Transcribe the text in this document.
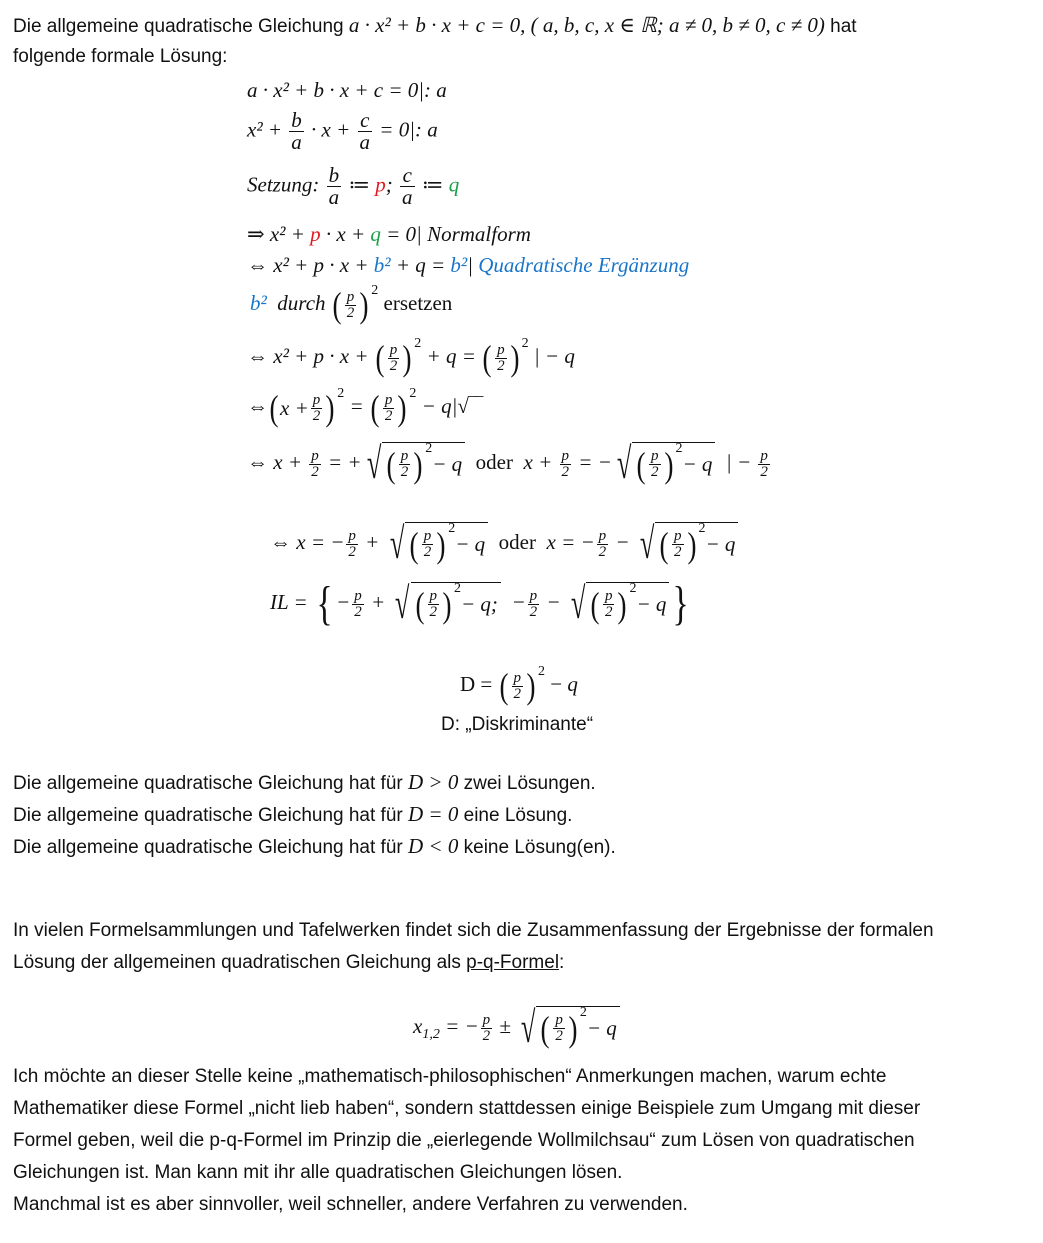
Die allgemeine quadratische Gleichung a · x² + b · x + c = 0, ( a, b, c, x ∈ ℝ; a ≠ 0, b ≠ 0, c ≠ 0) hat
folgende formale Lösung:
a · x² + b · x + c = 0|: a
$x^2 + \frac{b}{a} \cdot x + \frac{c}{a} = 0|$: a
Setzung: $\frac{b}{a}$ ≔ p; $\frac{c}{a}$ ≔ q
⇒ x² + p · x + q = 0| Normalform
⇔ x² + p · x + b² + q = b²| Quadratische Ergänzung
b² durch ( $\frac{p}{2}$ ) $^2$ ersetzen
⇔ x² + p · x + ( $\frac{p}{2}$ ) $^2$ + q = ( $\frac{p}{2}$ ) $^2$ | − q
⇔ ( $x + \frac{p}{2}$ ) $^2$ = ( $\frac{p}{2}$ ) $^2$ − q|√‾‾
⇔ $x + \frac{p}{2}$ = + √ ( $\frac{p}{2}$ ) 2
− q oder  $x + \frac{p}{2}$ = − √ ( $\frac{p}{2}$ ) 2
− q | − $\frac{p}{2}$
⇔ x = − $\frac{p}{2}$ + √ ( $\frac{p}{2}$ ) 2
− q oder  x = − $\frac{p}{2}$ − √ ( $\frac{p}{2}$ ) 2
− q
IL = { − $\frac{p}{2}$ + √ ( $\frac{p}{2}$ ) 2
− q; − $\frac{p}{2}$ − √ ( $\frac{p}{2}$ ) 2
− q }
D = ( $\frac{p}{2}$ ) $^2$ − q
D: „Diskriminante“
Die allgemeine quadratische Gleichung hat für D > 0 zwei Lösungen.
Die allgemeine quadratische Gleichung hat für D = 0 eine Lösung.
Die allgemeine quadratische Gleichung hat für D < 0 keine Lösung(en).
In vielen Formelsammlungen und Tafelwerken findet sich die Zusammenfassung der Ergebnisse der formalen
Lösung der allgemeinen quadratischen Gleichung als p-q-Formel:
$x_{1,2}$ = − $\frac{p}{2}$ ± √ ( $\frac{p}{2}$ ) 2
− q
Ich möchte an dieser Stelle keine „mathematisch-philosophischen“ Anmerkungen machen, warum echte
Mathematiker diese Formel „nicht lieb haben“, sondern stattdessen einige Beispiele zum Umgang mit dieser
Formel geben, weil die p-q-Formel im Prinzip die „eierlegende Wollmilchsau“ zum Lösen von quadratischen
Gleichungen ist. Man kann mit ihr alle quadratischen Gleichungen lösen.
Manchmal ist es aber sinnvoller, weil schneller, andere Verfahren zu verwenden.
